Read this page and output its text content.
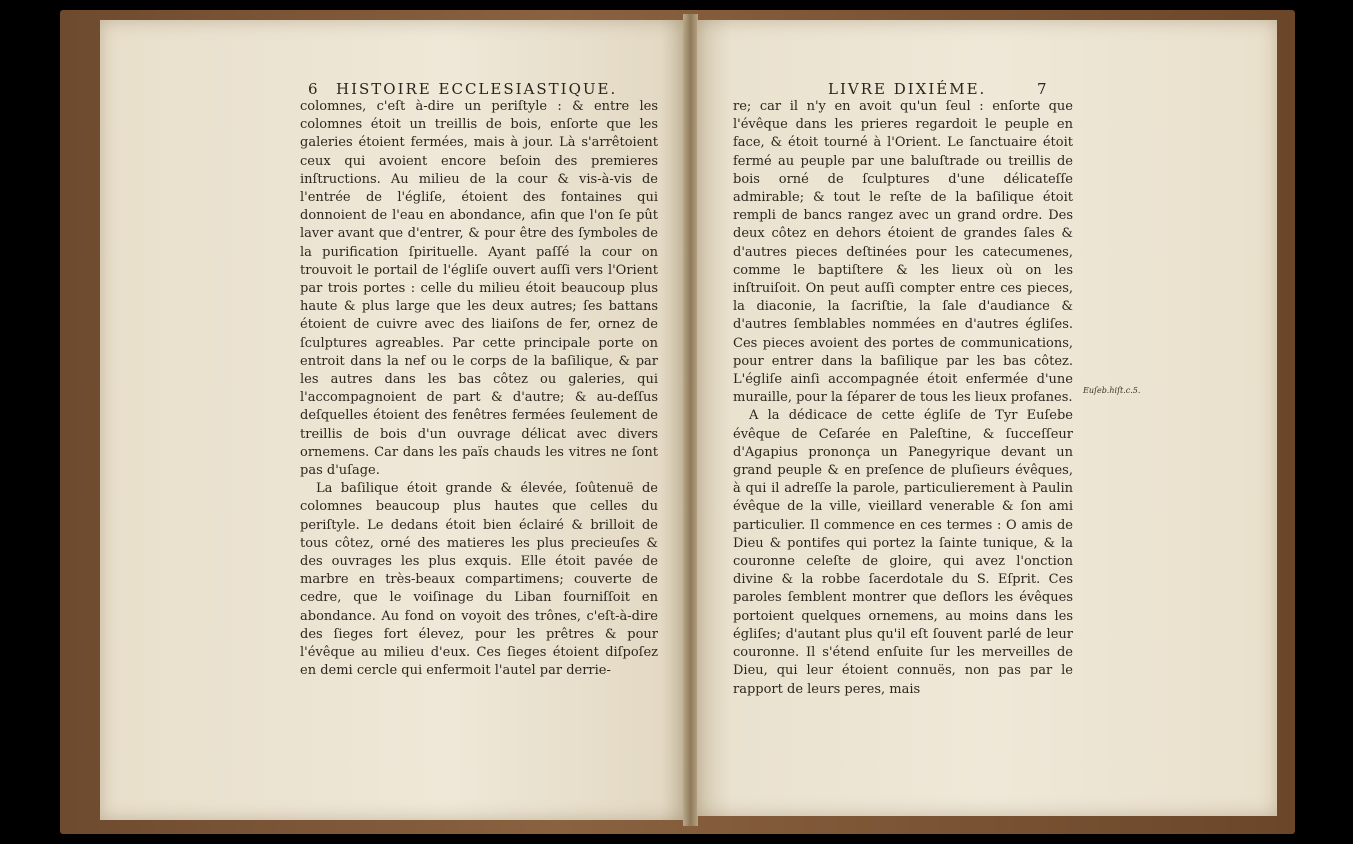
6 HISTOIRE ECCLESIASTIQUE.

colomnes, c'eſt à-dire un periſtyle : & entre les colomnes étoit un treillis de bois, enſorte que les galeries étoient fermées, mais à jour. Là s'arrêtoient ceux qui avoient encore beſoin des premieres inſtructions. Au milieu de la cour & vis-à-vis de l'entrée de l'égliſe, étoient des fontaines qui donnoient de l'eau en abondance, afin que l'on ſe pût laver avant que d'entrer, & pour être des ſymboles de la purification ſpirituelle. Ayant paſſé la cour on trouvoit le portail de l'égliſe ouvert auſſi vers l'Orient par trois portes : celle du milieu étoit beaucoup plus haute & plus large que les deux autres; ſes battans étoient de cuivre avec des liaiſons de fer, ornez de ſculptures agreables. Par cette principale porte on entroit dans la nef ou le corps de la baſilique, & par les autres dans les bas côtez ou galeries, qui l'accompagnoient de part & d'autre; & au-deſſus deſquelles étoient des fenêtres fermées ſeulement de treillis de bois d'un ouvrage délicat avec divers ornemens. Car dans les païs chauds les vitres ne ſont pas d'uſage.

La baſilique étoit grande & élevée, ſoûtenuë de colomnes beaucoup plus hautes que celles du periſtyle. Le dedans étoit bien éclairé & brilloit de tous côtez, orné des matieres les plus precieuſes & des ouvrages les plus exquis. Elle étoit pavée de marbre en très-beaux compartimens; couverte de cedre, que le voiſinage du Liban fourniſſoit en abondance. Au fond on voyoit des trônes, c'eſt-à-dire des ſieges fort élevez, pour les prêtres & pour l'évêque au milieu d'eux. Ces ſieges étoient diſpoſez en demi cercle qui enfermoit l'autel par derrie-

LIVRE DIXIÉME.	7

re; car il n'y en avoit qu'un ſeul : enſorte que l'évêque dans les prieres regardoit le peuple en face, & étoit tourné à l'Orient. Le ſanctuaire étoit fermé au peuple par une baluſtrade ou treillis de bois orné de ſculptures d'une délicateſſe admirable; & tout le reſte de la baſilique étoit rempli de bancs rangez avec un grand ordre. Des deux côtez en dehors étoient de grandes ſales & d'autres pieces deſtinées pour les catecumenes, comme le baptiſtere & les lieux où on les inſtruiſoit. On peut auſſi compter entre ces pieces, la diaconie, la ſacriſtie, la ſale d'audiance & d'autres ſemblables nommées en d'autres égliſes. Ces pieces avoient des portes de communications, pour entrer dans la baſilique par les bas côtez. L'égliſe ainſi accompagnée étoit enfermée d'une muraille, pour la ſéparer de tous les lieux profanes.

A la dédicace de cette égliſe de Tyr Euſebe évêque de Ceſarée en Paleſtine, & ſucceſſeur d'Agapius prononça un Panegyrique devant un grand peuple & en preſence de pluſieurs évêques, à qui il adreſſe la parole, particulierement à Paulin évêque de la ville, vieillard venerable & ſon ami particulier. Il commence en ces termes : O amis de Dieu & pontifes qui portez la ſainte tunique, & la couronne celeſte de gloire, qui avez l'onction divine & la robbe ſacerdotale du S. Eſprit. Ces paroles ſemblent montrer que deſlors les évêques portoient quelques ornemens, au moins dans les égliſes; d'autant plus qu'il eſt ſouvent parlé de leur couronne. Il s'étend enſuite ſur les merveilles de Dieu, qui leur étoient connuës, non pas par le rapport de leurs peres, mais

Euſeb.hiſt.c.5.
